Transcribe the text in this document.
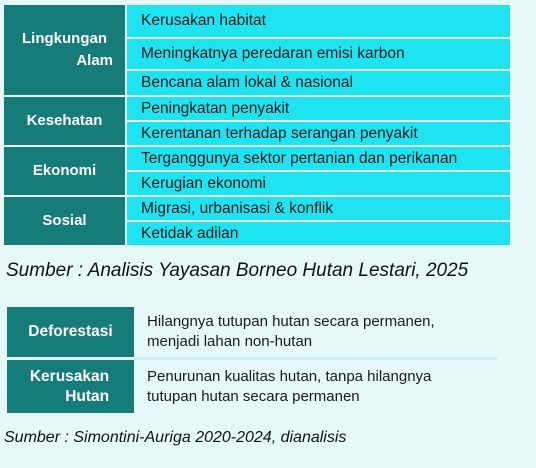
Lingkungan
Alam
Kerusakan habitat
Meningkatnya peredaran emisi karbon
Bencana alam lokal & nasional
Kesehatan
Peningkatan penyakit
Kerentanan terhadap serangan penyakit
Ekonomi
Terganggunya sektor pertanian dan perikanan
Kerugian ekonomi
Sosial
Migrasi, urbanisasi & konflik
Ketidak adilan
Sumber : Analisis Yayasan Borneo Hutan Lestari, 2025
Deforestasi
Hilangnya tutupan hutan secara permanen,
menjadi lahan non-hutan
Kerusakan
Hutan
Penurunan kualitas hutan, tanpa hilangnya
tutupan hutan secara permanen
Sumber : Simontini-Auriga 2020-2024, dianalisis
